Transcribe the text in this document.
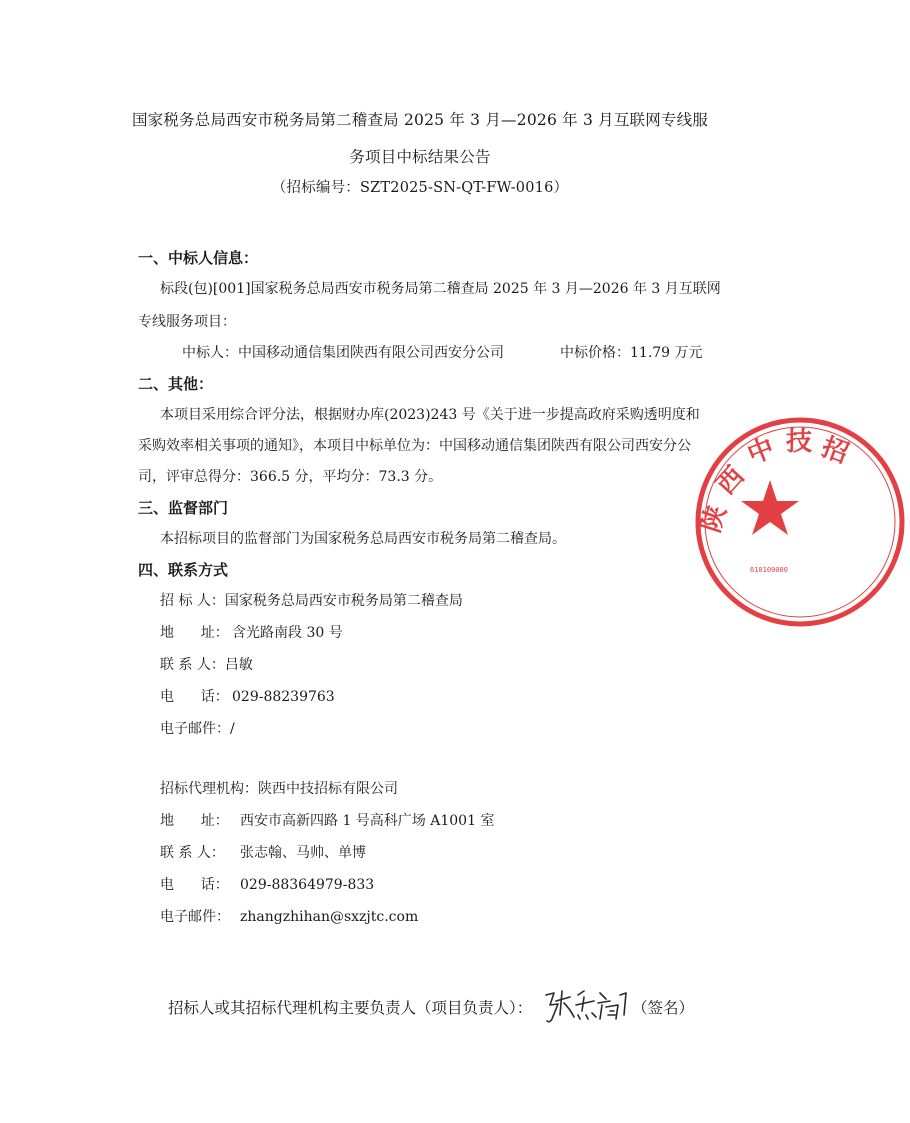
国家税务总局西安市税务局第二稽查局 2025 年 3 月—2026 年 3 月互联网专线服
务项目中标结果公告
（招标编号：SZT2025-SN-QT-FW-0016）
一、中标人信息：
标段(包)[001]国家税务总局西安市税务局第二稽查局 2025 年 3 月—2026 年 3 月互联网
专线服务项目：
中标人：中国移动通信集团陕西有限公司西安分公司	中标价格：11.79 万元
二、其他：
本项目采用综合评分法，根据财办库(2023)243 号《关于进一步提高政府采购透明度和
采购效率相关事项的通知》，本项目中标单位为：中国移动通信集团陕西有限公司西安分公
司，评审总得分：366.5 分，平均分：73.3 分。
三、监督部门
本招标项目的监督部门为国家税务总局西安市税务局第二稽查局。
四、联系方式
招 标 人：国家税务总局西安市税务局第二稽查局
地      址： 含光路南段 30 号
联 系 人：吕敏
电      话： 029-88239763
电子邮件：/
招标代理机构：陕西中技招标有限公司
地      址： 西安市高新四路 1 号高科广场 A1001 室
联 系 人： 张志翰、马帅、单博
电      话： 029-88364979-833
电子邮件： zhangzhihan@sxzjtc.com
招标人或其招标代理机构主要负责人（项目负责人）：	（签名）
陕
西
中 技 招
610100000
